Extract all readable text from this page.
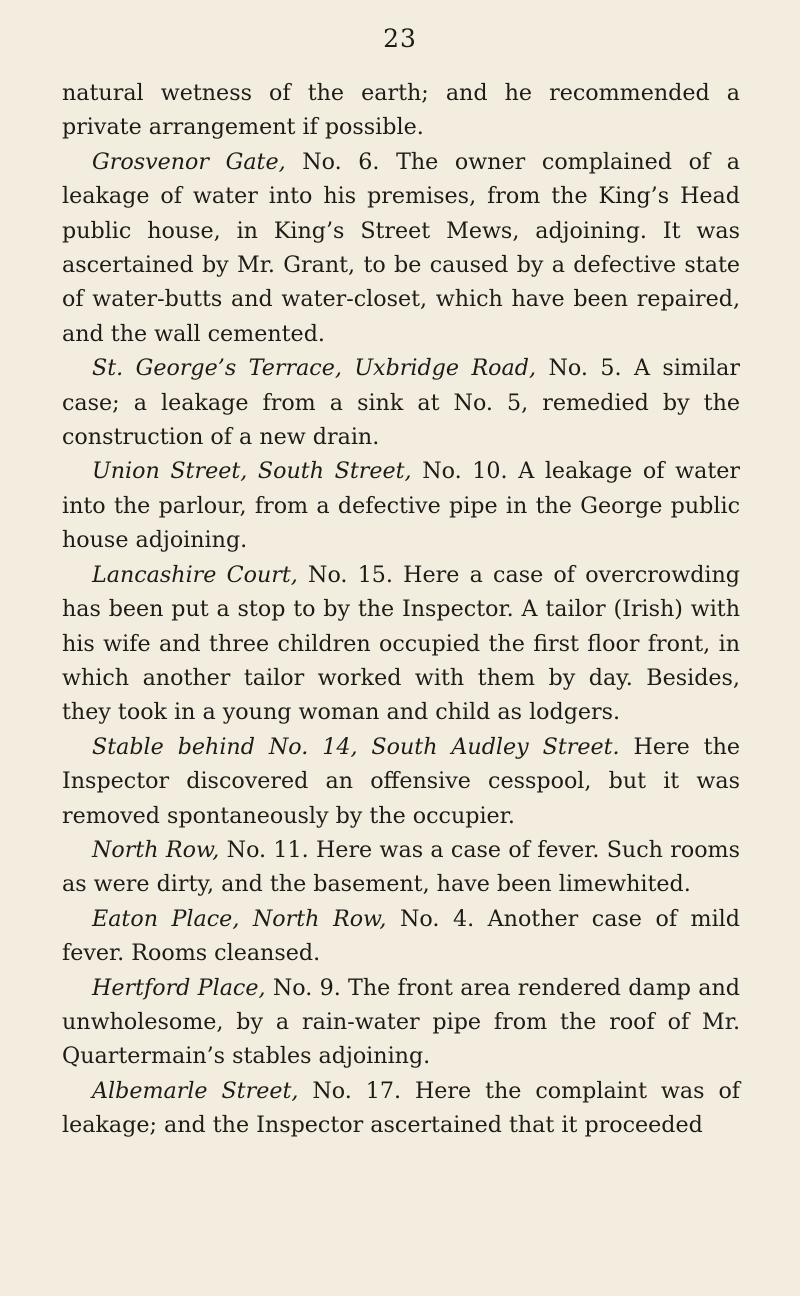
23

natural wetness of the earth; and he recommended a private arrangement if possible.

Grosvenor Gate, No. 6. The owner complained of a leakage of water into his premises, from the King’s Head public house, in King’s Street Mews, adjoining. It was ascertained by Mr. Grant, to be caused by a defective state of water-butts and water-closet, which have been repaired, and the wall cemented.

St. George’s Terrace, Uxbridge Road, No. 5. A similar case; a leakage from a sink at No. 5, remedied by the construction of a new drain.

Union Street, South Street, No. 10. A leakage of water into the parlour, from a defective pipe in the George public house adjoining.

Lancashire Court, No. 15. Here a case of overcrowding has been put a stop to by the Inspector. A tailor (Irish) with his wife and three children occupied the first floor front, in which another tailor worked with them by day. Besides, they took in a young woman and child as lodgers.

Stable behind No. 14, South Audley Street. Here the Inspector discovered an offensive cesspool, but it was removed spontaneously by the occupier.

North Row, No. 11. Here was a case of fever. Such rooms as were dirty, and the basement, have been limewhited.

Eaton Place, North Row, No. 4. Another case of mild fever. Rooms cleansed.

Hertford Place, No. 9. The front area rendered damp and unwholesome, by a rain-water pipe from the roof of Mr. Quartermain’s stables adjoining.

Albemarle Street, No. 17. Here the complaint was of leakage; and the Inspector ascertained that it proceeded
